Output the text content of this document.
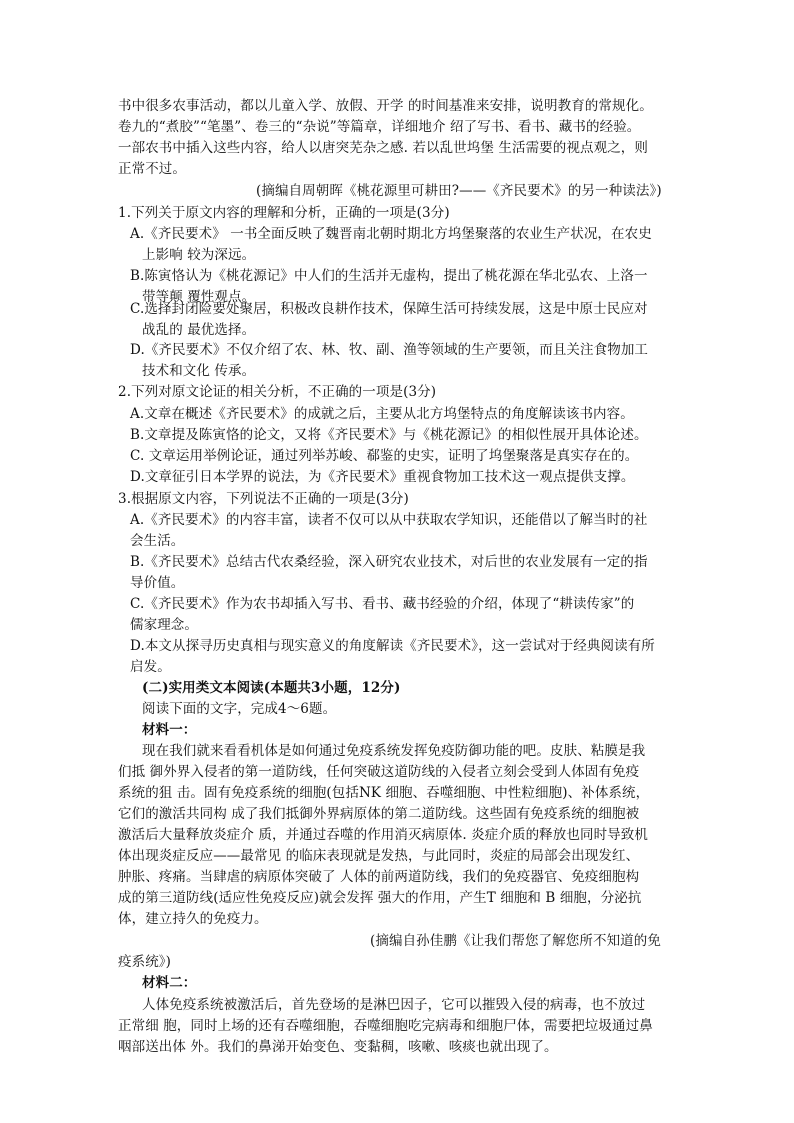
书中很多农事活动，都以儿童入学、放假、开学 的时间基准来安排，说明教育的常规化。
卷九的“煮胶”“笔墨”、卷三的“杂说”等篇章，详细地介 绍了写书、看书、藏书的经验。
一部农书中插入这些内容，给人以唐突芜杂之感. 若以乱世坞堡 生活需要的视点观之，则
正常不过。
(摘编自周朝晖《桃花源里可耕田?——《齐民要术》的另一种读法》)
1.下列关于原文内容的理解和分析，正确的一项是(3分)
A.《齐民要术》 一书全面反映了魏晋南北朝时期北方坞堡聚落的农业生产状况，在农史
上影响 较为深远。
B.陈寅恪认为《桃花源记》中人们的生活并无虚构，提出了桃花源在华北弘农、上洛一
带等颠 覆性观点。
C.选择封闭险要处聚居，积极改良耕作技术，保障生活可持续发展，这是中原士民应对
战乱的 最优选择。
D.《齐民要术》不仅介绍了农、林、牧、副、渔等领域的生产要领，而且关注食物加工
技术和文化 传承。
2.下列对原文论证的相关分析，不正确的一项是(3分)
A.文章在概述《齐民要术》的成就之后，主要从北方坞堡特点的角度解读该书内容。
B.文章提及陈寅恪的论文，又将《齐民要术》与《桃花源记》的相似性展开具体论述。
C. 文章运用举例论证，通过列举苏峻、郗鉴的史实，证明了坞堡聚落是真实存在的。
D.文章征引日本学界的说法，为《齐民要术》重视食物加工技术这一观点提供支撑。
3.根据原文内容，下列说法不正确的一项是(3分)
A.《齐民要术》的内容丰富，读者不仅可以从中获取农学知识，还能借以了解当时的社
会生活。
B.《齐民要术》总结古代农桑经验，深入研究农业技术，对后世的农业发展有一定的指
导价值。
C.《齐民要术》作为农书却插入写书、看书、藏书经验的介绍，体现了“耕读传家”的
儒家理念。
D.本文从探寻历史真相与现实意义的角度解读《齐民要术》，这一尝试对于经典阅读有所
启发。
(二)实用类文本阅读(本题共3小题，12分)
阅读下面的文字，完成4～6题。
材料一：
现在我们就来看看机体是如何通过免疫系统发挥免疫防御功能的吧。皮肤、粘膜是我
们抵 御外界入侵者的第一道防线，任何突破这道防线的入侵者立刻会受到人体固有免疫
系统的狙 击。固有免疫系统的细胞(包括NK 细胞、吞噬细胞、中性粒细胞)、补体系统，
它们的激活共同构 成了我们抵御外界病原体的第二道防线。这些固有免疫系统的细胞被
激活后大量释放炎症介 质，并通过吞噬的作用消灭病原体. 炎症介质的释放也同时导致机
体出现炎症反应——最常见 的临床表现就是发热，与此同时，炎症的局部会出现发红、
肿胀、疼痛。当肆虐的病原体突破了 人体的前两道防线，我们的免疫器官、免疫细胞构
成的第三道防线(适应性免疫反应)就会发挥 强大的作用，产生T 细胞和 B 细胞，分泌抗
体，建立持久的免疫力。
(摘编自孙佳鹏《让我们帮您了解您所不知道的免
疫系统》)
材料二：
人体免疫系统被激活后，首先登场的是淋巴因子，它可以摧毁入侵的病毒，也不放过
正常细 胞，同时上场的还有吞噬细胞，吞噬细胞吃完病毒和细胞尸体，需要把垃圾通过鼻
咽部送出体 外。我们的鼻涕开始变色、变黏稠，咳嗽、咳痰也就出现了。
